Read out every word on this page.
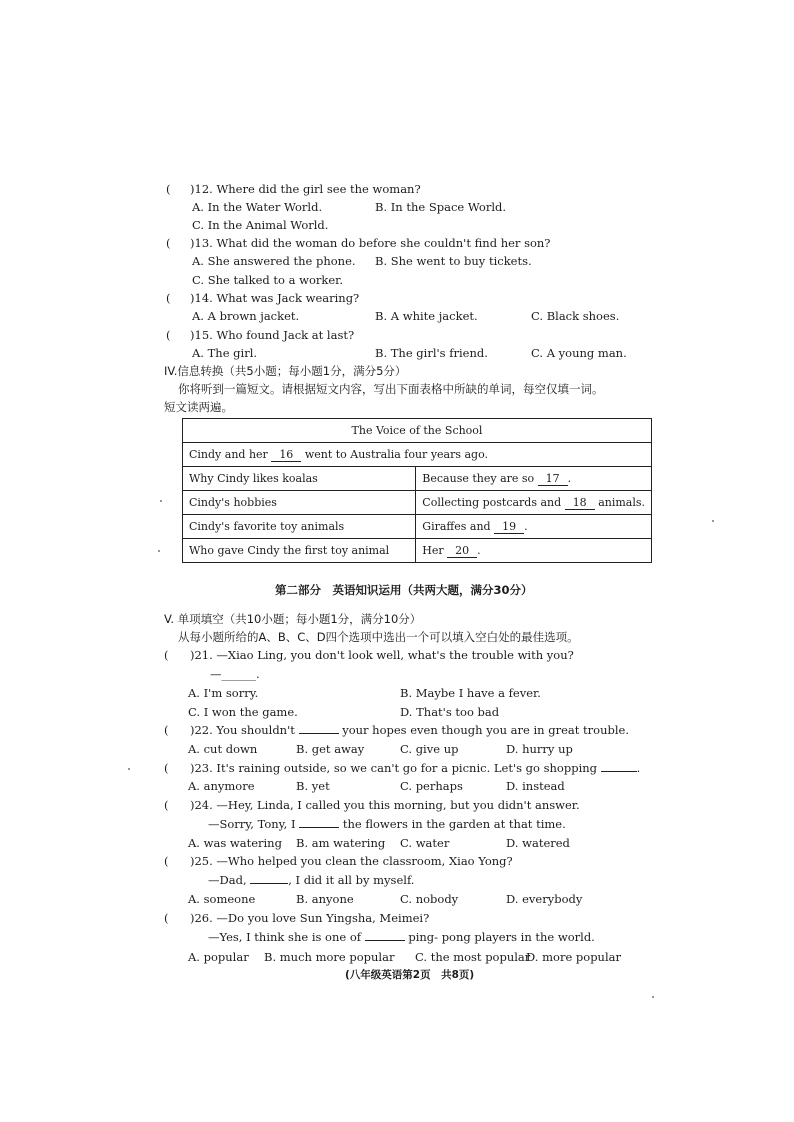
( )12. Where did the girl see the woman?
A. In the Water World.	B. In the Space World.
C. In the Animal World.
( )13. What did the woman do before she couldn't find her son?
A. She answered the phone. B. She went to buy tickets.
C. She talked to a worker.
( )14. What was Jack wearing?
A. A brown jacket.	B. A white jacket.	C. Black shoes.
( )15. Who found Jack at last?
A. The girl.	B. The girl's friend.	C. A young man.
IV.信息转换（共5小题；每小题1分，满分5分）
你将听到一篇短文。请根据短文内容，写出下面表格中所缺的单词，每空仅填一词。
短文读两遍。
The Voice of the School	
Cindy and her 16 went to Australia four years ago.	
Why Cindy likes koalas	Because they are so 17 .
Cindy's hobbies	Collecting postcards and 18 animals.
Cindy's favorite toy animals	Giraffes and 19 .
Who gave Cindy the first toy animal	Her 20 .
第二部分　英语知识运用（共两大题，满分30分）
V. 单项填空（共10小题；每小题1分，满分10分）
从每小题所给的A、B、C、D四个选项中选出一个可以填入空白处的最佳选项。
( )21. —Xiao Ling, you don't look well, what's the trouble with you?
—______.
A. I'm sorry.	B. Maybe I have a fever.
C. I won the game.	D. That's too bad
( )22. You shouldn't	your hopes even though you are in great trouble.
A. cut down	B. get away	C. give up	D. hurry up
( )23. It's raining outside, so we can't go for a picnic. Let's go shopping	.
A. anymore	B. yet	C. perhaps	D. instead
( )24. —Hey, Linda, I called you this morning, but you didn't answer.
—Sorry, Tony, I	the flowers in the garden at that time.
A. was watering B. am watering C. water	D. watered
( )25. —Who helped you clean the classroom, Xiao Yong?
—Dad,	, I did it all by myself.
A. someone	B. anyone	C. nobody	D. everybody
( )26. —Do you love Sun Yingsha, Meimei?
—Yes, I think she is one of	ping- pong players in the world.
A. popular B. much more popular C. the most popular
D. more popular
(八年级英语第2页　共8页)
